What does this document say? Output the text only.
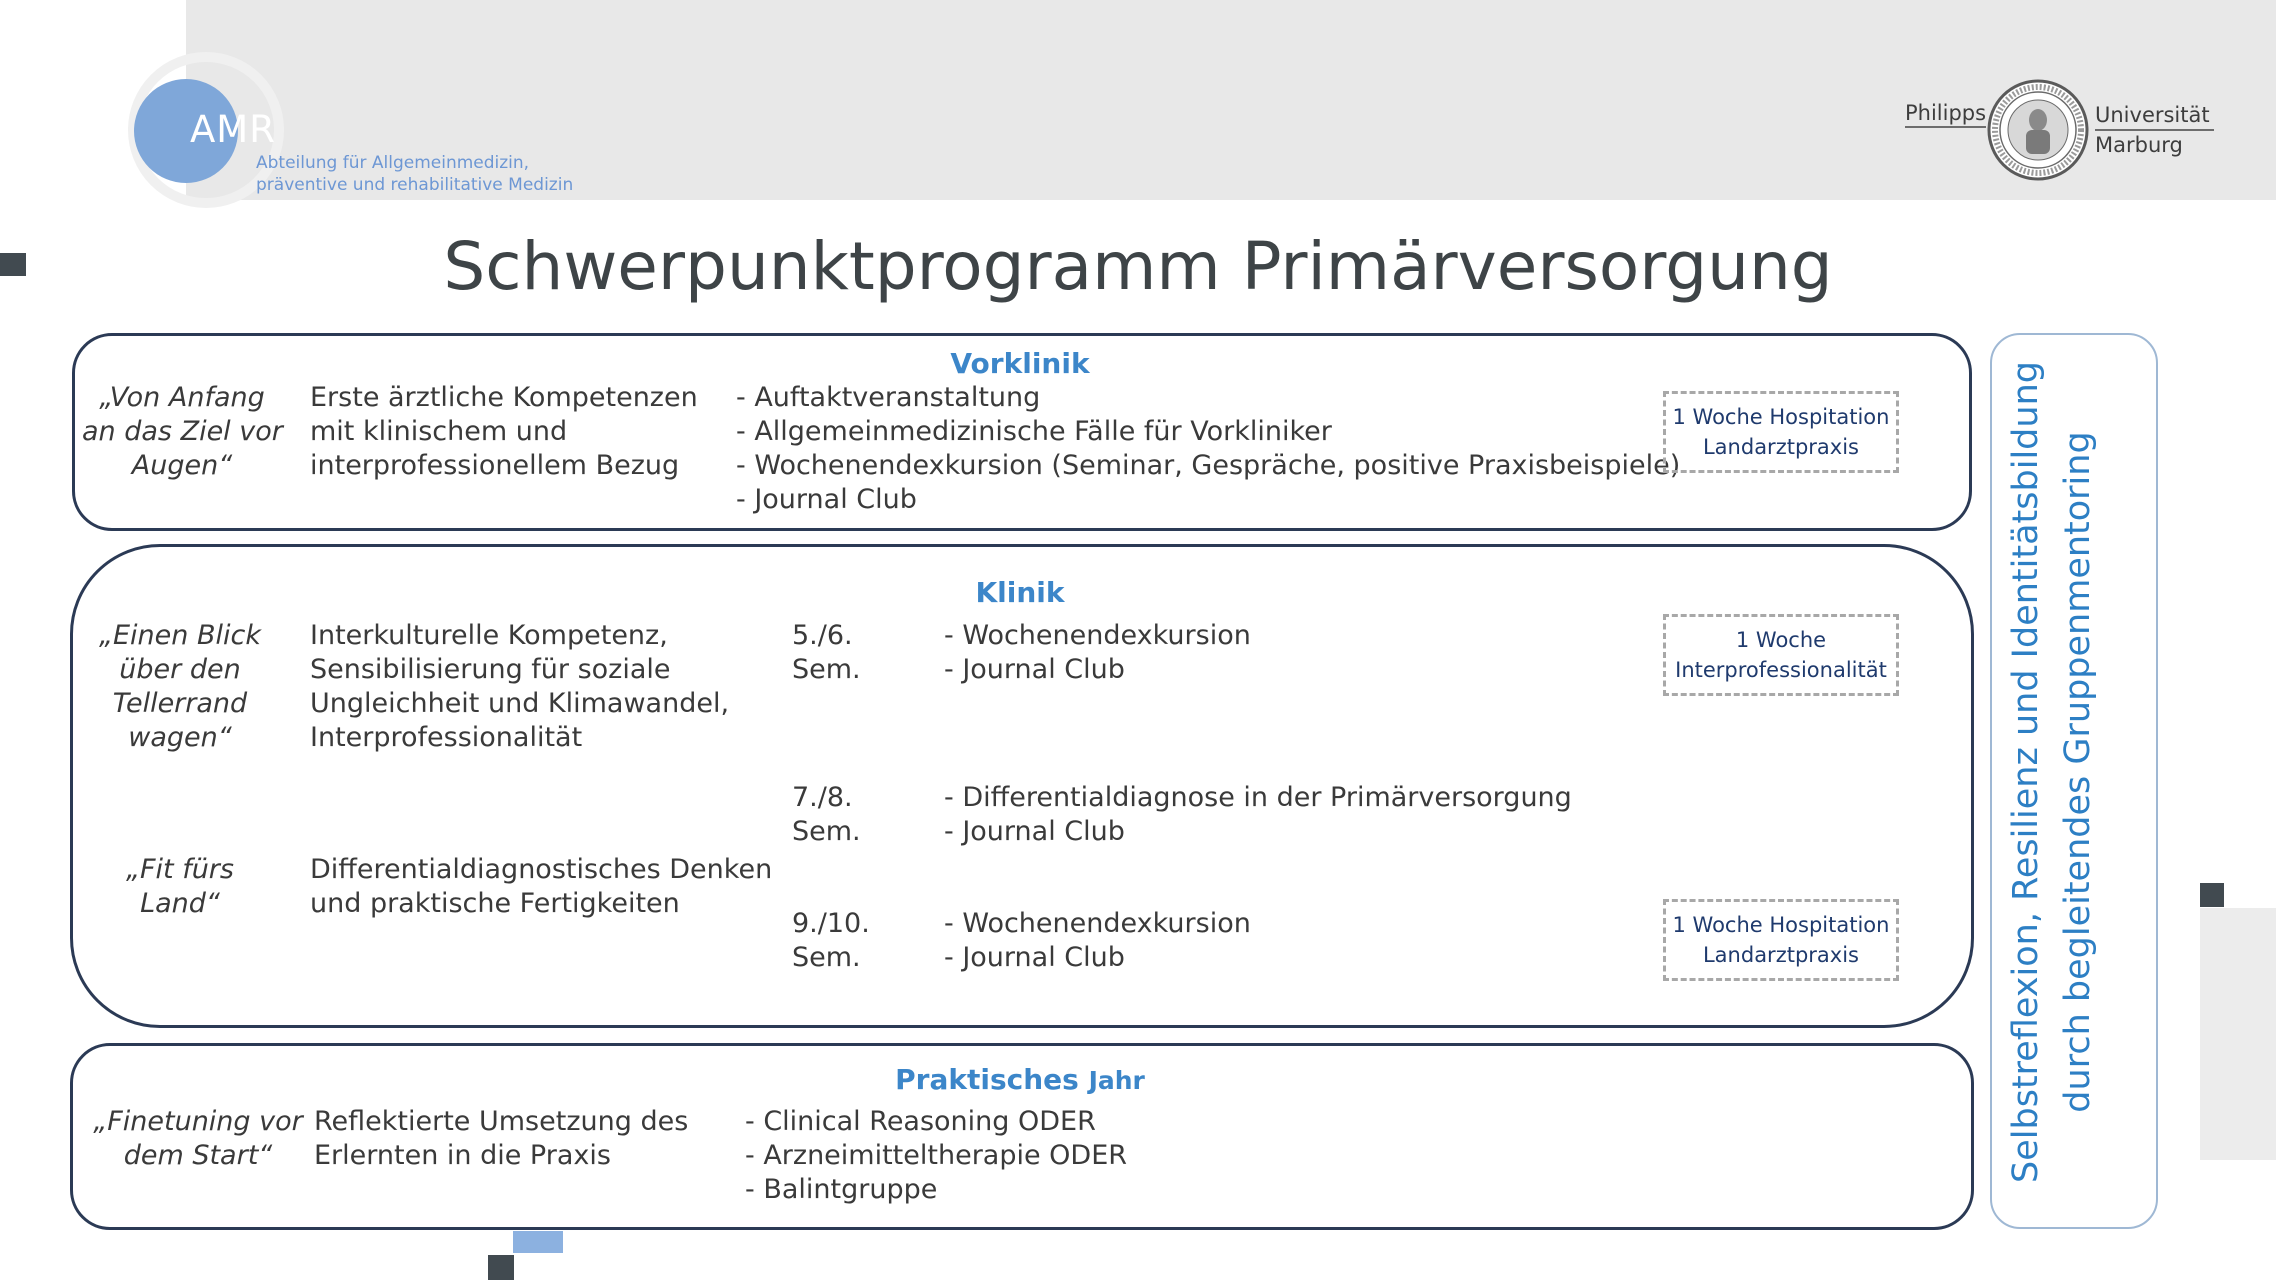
AMR
Abteilung für Allgemeinmedizin,
präventive und rehabilitative Medizin
Philipps	Universität
Marburg
Schwerpunktprogramm Primärversorgung
Vorklinik
„Von Anfang
an das Ziel vor
Augen“
Erste ärztliche Kompetenzen
mit klinischem und
interprofessionellem Bezug
- Auftaktveranstaltung
- Allgemeinmedizinische Fälle für Vorkliniker
- Wochenendexkursion (Seminar, Gespräche, positive Praxisbeispiele)
- Journal Club
1 Woche Hospitation
Landarztpraxis
Klinik
„Einen Blick
über den
Tellerrand
wagen“
Interkulturelle Kompetenz,
Sensibilisierung für soziale
Ungleichheit und Klimawandel,
Interprofessionalität
„Fit fürs
Land“
Differentialdiagnostisches Denken
und praktische Fertigkeiten
5./6.
Sem.
- Wochenendexkursion
- Journal Club
7./8.
Sem.
- Differentialdiagnose in der Primärversorgung
- Journal Club
9./10.
Sem.
- Wochenendexkursion
- Journal Club
1 Woche
Interprofessionalität
1 Woche Hospitation
Landarztpraxis
Praktisches Jahr
„Finetuning vor
dem Start“
Reflektierte Umsetzung des
Erlernten in die Praxis
- Clinical Reasoning ODER
- Arzneimitteltherapie ODER
- Balintgruppe
Selbstreflexion, Resilienz und Identitätsbildung durch begleitendes Gruppenmentoring
